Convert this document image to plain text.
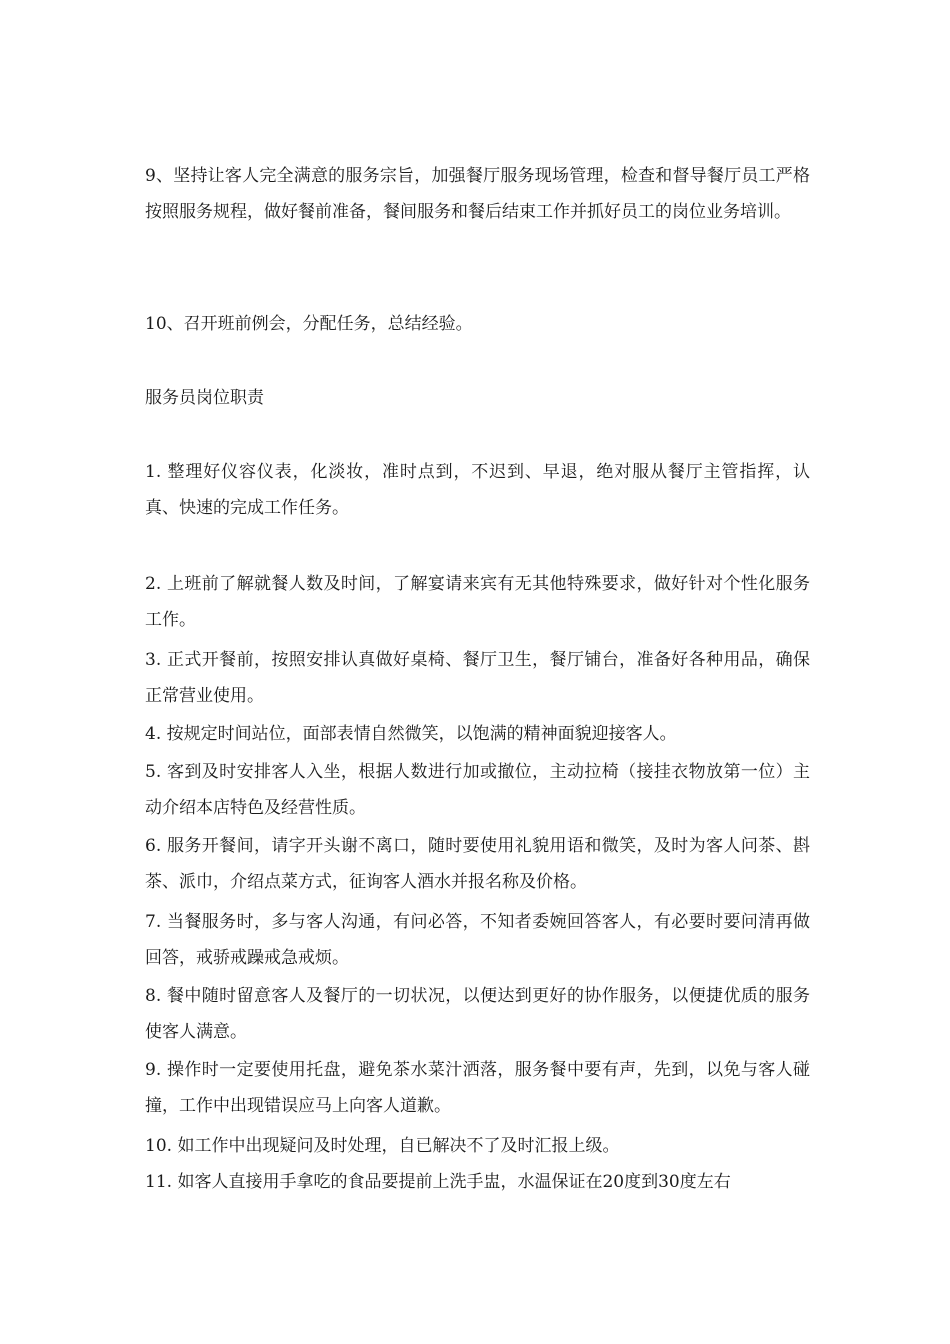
9、坚持让客人完全满意的服务宗旨，加强餐厅服务现场管理，检查和督导餐厅员工严格按照服务规程，做好餐前准备，餐间服务和餐后结束工作并抓好员工的岗位业务培训。

10、召开班前例会，分配任务，总结经验。

服务员岗位职责

1. 整理好仪容仪表，化淡妆，准时点到，不迟到、早退，绝对服从餐厅主管指挥，认真、快速的完成工作任务。

2. 上班前了解就餐人数及时间，了解宴请来宾有无其他特殊要求，做好针对个性化服务工作。

3. 正式开餐前，按照安排认真做好桌椅、餐厅卫生，餐厅铺台，准备好各种用品，确保正常营业使用。

4. 按规定时间站位，面部表情自然微笑，以饱满的精神面貌迎接客人。

5. 客到及时安排客人入坐，根据人数进行加或撤位，主动拉椅（接挂衣物放第一位）主动介绍本店特色及经营性质。

6. 服务开餐间，请字开头谢不离口，随时要使用礼貌用语和微笑，及时为客人问茶、斟茶、派巾，介绍点菜方式，征询客人酒水并报名称及价格。

7. 当餐服务时，多与客人沟通，有问必答，不知者委婉回答客人，有必要时要问清再做回答，戒骄戒躁戒急戒烦。

8. 餐中随时留意客人及餐厅的一切状况，以便达到更好的协作服务，以便捷优质的服务使客人满意。

9. 操作时一定要使用托盘，避免茶水菜汁洒落，服务餐中要有声，先到，以免与客人碰撞，工作中出现错误应马上向客人道歉。

10. 如工作中出现疑问及时处理，自已解决不了及时汇报上级。

11. 如客人直接用手拿吃的食品要提前上洗手盅，水温保证在20度到30度左右
